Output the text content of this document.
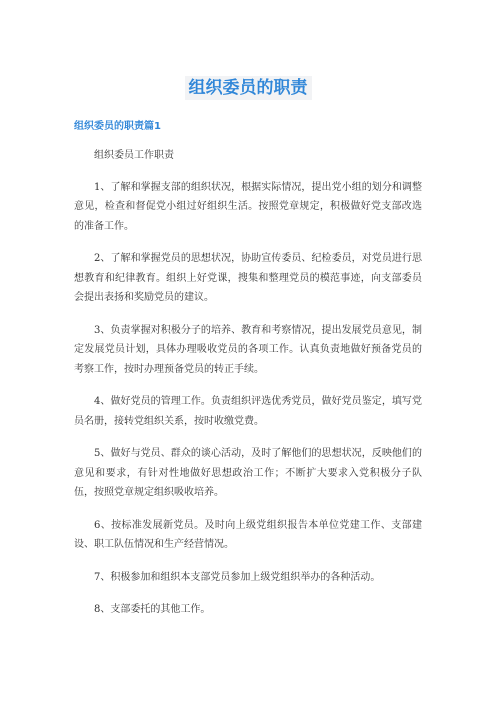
组织委员的职责
组织委员的职责篇1

组织委员工作职责

1、了解和掌握支部的组织状况，根据实际情况，提出党小组的划分和调整意见，检查和督促党小组过好组织生活。按照党章规定，积极做好党支部改选的准备工作。

2、了解和掌握党员的思想状况，协助宣传委员、纪检委员，对党员进行思想教育和纪律教育。组织上好党课，搜集和整理党员的模范事迹，向支部委员会提出表扬和奖励党员的建议。

3、负责掌握对积极分子的培养、教育和考察情况，提出发展党员意见，制定发展党员计划，具体办理吸收党员的各项工作。认真负责地做好预备党员的考察工作，按时办理预备党员的转正手续。

4、做好党员的管理工作。负责组织评选优秀党员，做好党员鉴定，填写党员名册，接转党组织关系，按时收缴党费。

5、做好与党员、群众的谈心活动，及时了解他们的思想状况，反映他们的意见和要求，有针对性地做好思想政治工作；不断扩大要求入党积极分子队伍，按照党章规定组织吸收培养。

6、按标准发展新党员。及时向上级党组织报告本单位党建工作、支部建设、职工队伍情况和生产经营情况。

7、积极参加和组织本支部党员参加上级党组织举办的各种活动。

8、支部委托的其他工作。
